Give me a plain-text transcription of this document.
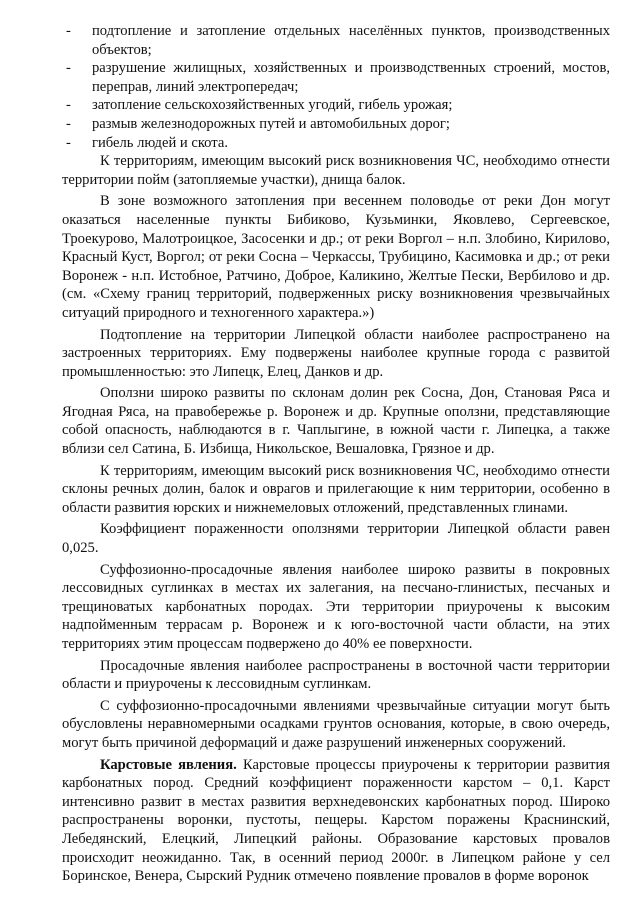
- подтопление и затопление отдельных населённых пунктов, производственных объектов;
- разрушение жилищных, хозяйственных и производственных строений, мостов, переправ, линий электропередач;
- затопление сельскохозяйственных угодий, гибель урожая;
- размыв железнодорожных путей и автомобильных дорог;
- гибель людей и скота.

К территориям, имеющим высокий риск возникновения ЧС, необходимо отнести территории пойм (затопляемые участки), днища балок.

В зоне возможного затопления при весеннем половодье от реки Дон могут оказаться населенные пункты Бибиково, Кузьминки, Яковлево, Сергеевское, Троекурово, Малотроицкое, Засосенки и др.; от реки Воргол – н.п. Злобино, Кирилово, Красный Куст, Воргол; от реки Сосна – Черкассы, Трубицино, Касимовка и др.; от реки Воронеж - н.п. Истобное, Ратчино, Доброе, Каликино, Желтые Пески, Вербилово и др. (см. «Схему границ территорий, подверженных риску возникновения чрезвычайных ситуаций природного и техногенного характера.»)

Подтопление на территории Липецкой области наиболее распространено на застроенных территориях. Ему подвержены наиболее крупные города с развитой промышленностью: это Липецк, Елец, Данков и др.

Оползни широко развиты по склонам долин рек Сосна, Дон, Становая Ряса и Ягодная Ряса, на правобережье р. Воронеж и др. Крупные оползни, представляющие собой опасность, наблюдаются в г. Чаплыгине, в южной части г. Липецка, а также вблизи сел Сатина, Б. Избища, Никольское, Вешаловка, Грязное и др.

К территориям, имеющим высокий риск возникновения ЧС, необходимо отнести склоны речных долин, балок и оврагов и прилегающие к ним территории, особенно в области развития юрских и нижнемеловых отложений, представленных глинами.

Коэффициент пораженности оползнями территории Липецкой области равен 0,025.

Суффозионно-просадочные явления наиболее широко развиты в покровных лессовидных суглинках в местах их залегания, на песчано-глинистых, песчаных и трещиноватых карбонатных породах. Эти территории приурочены к высоким надпойменным террасам р. Воронеж и к юго-восточной части области, на этих территориях этим процессам подвержено до 40% ее поверхности.

Просадочные явления наиболее распространены в восточной части территории области и приурочены к лессовидным суглинкам.

С суффозионно-просадочными явлениями чрезвычайные ситуации могут быть обусловлены неравномерными осадками грунтов основания, которые, в свою очередь, могут быть причиной деформаций и даже разрушений инженерных сооружений.

Карстовые явления. Карстовые процессы приурочены к территории развития карбонатных пород. Средний коэффициент пораженности карстом – 0,1. Карст интенсивно развит в местах развития верхнедевонских карбонатных пород. Широко распространены воронки, пустоты, пещеры. Карстом поражены Краснинский, Лебедянский, Елецкий, Липецкий районы. Образование карстовых провалов происходит неожиданно. Так, в осенний период 2000г. в Липецком районе у сел Боринское, Венера, Сырский Рудник отмечено появление провалов в форме воронок
